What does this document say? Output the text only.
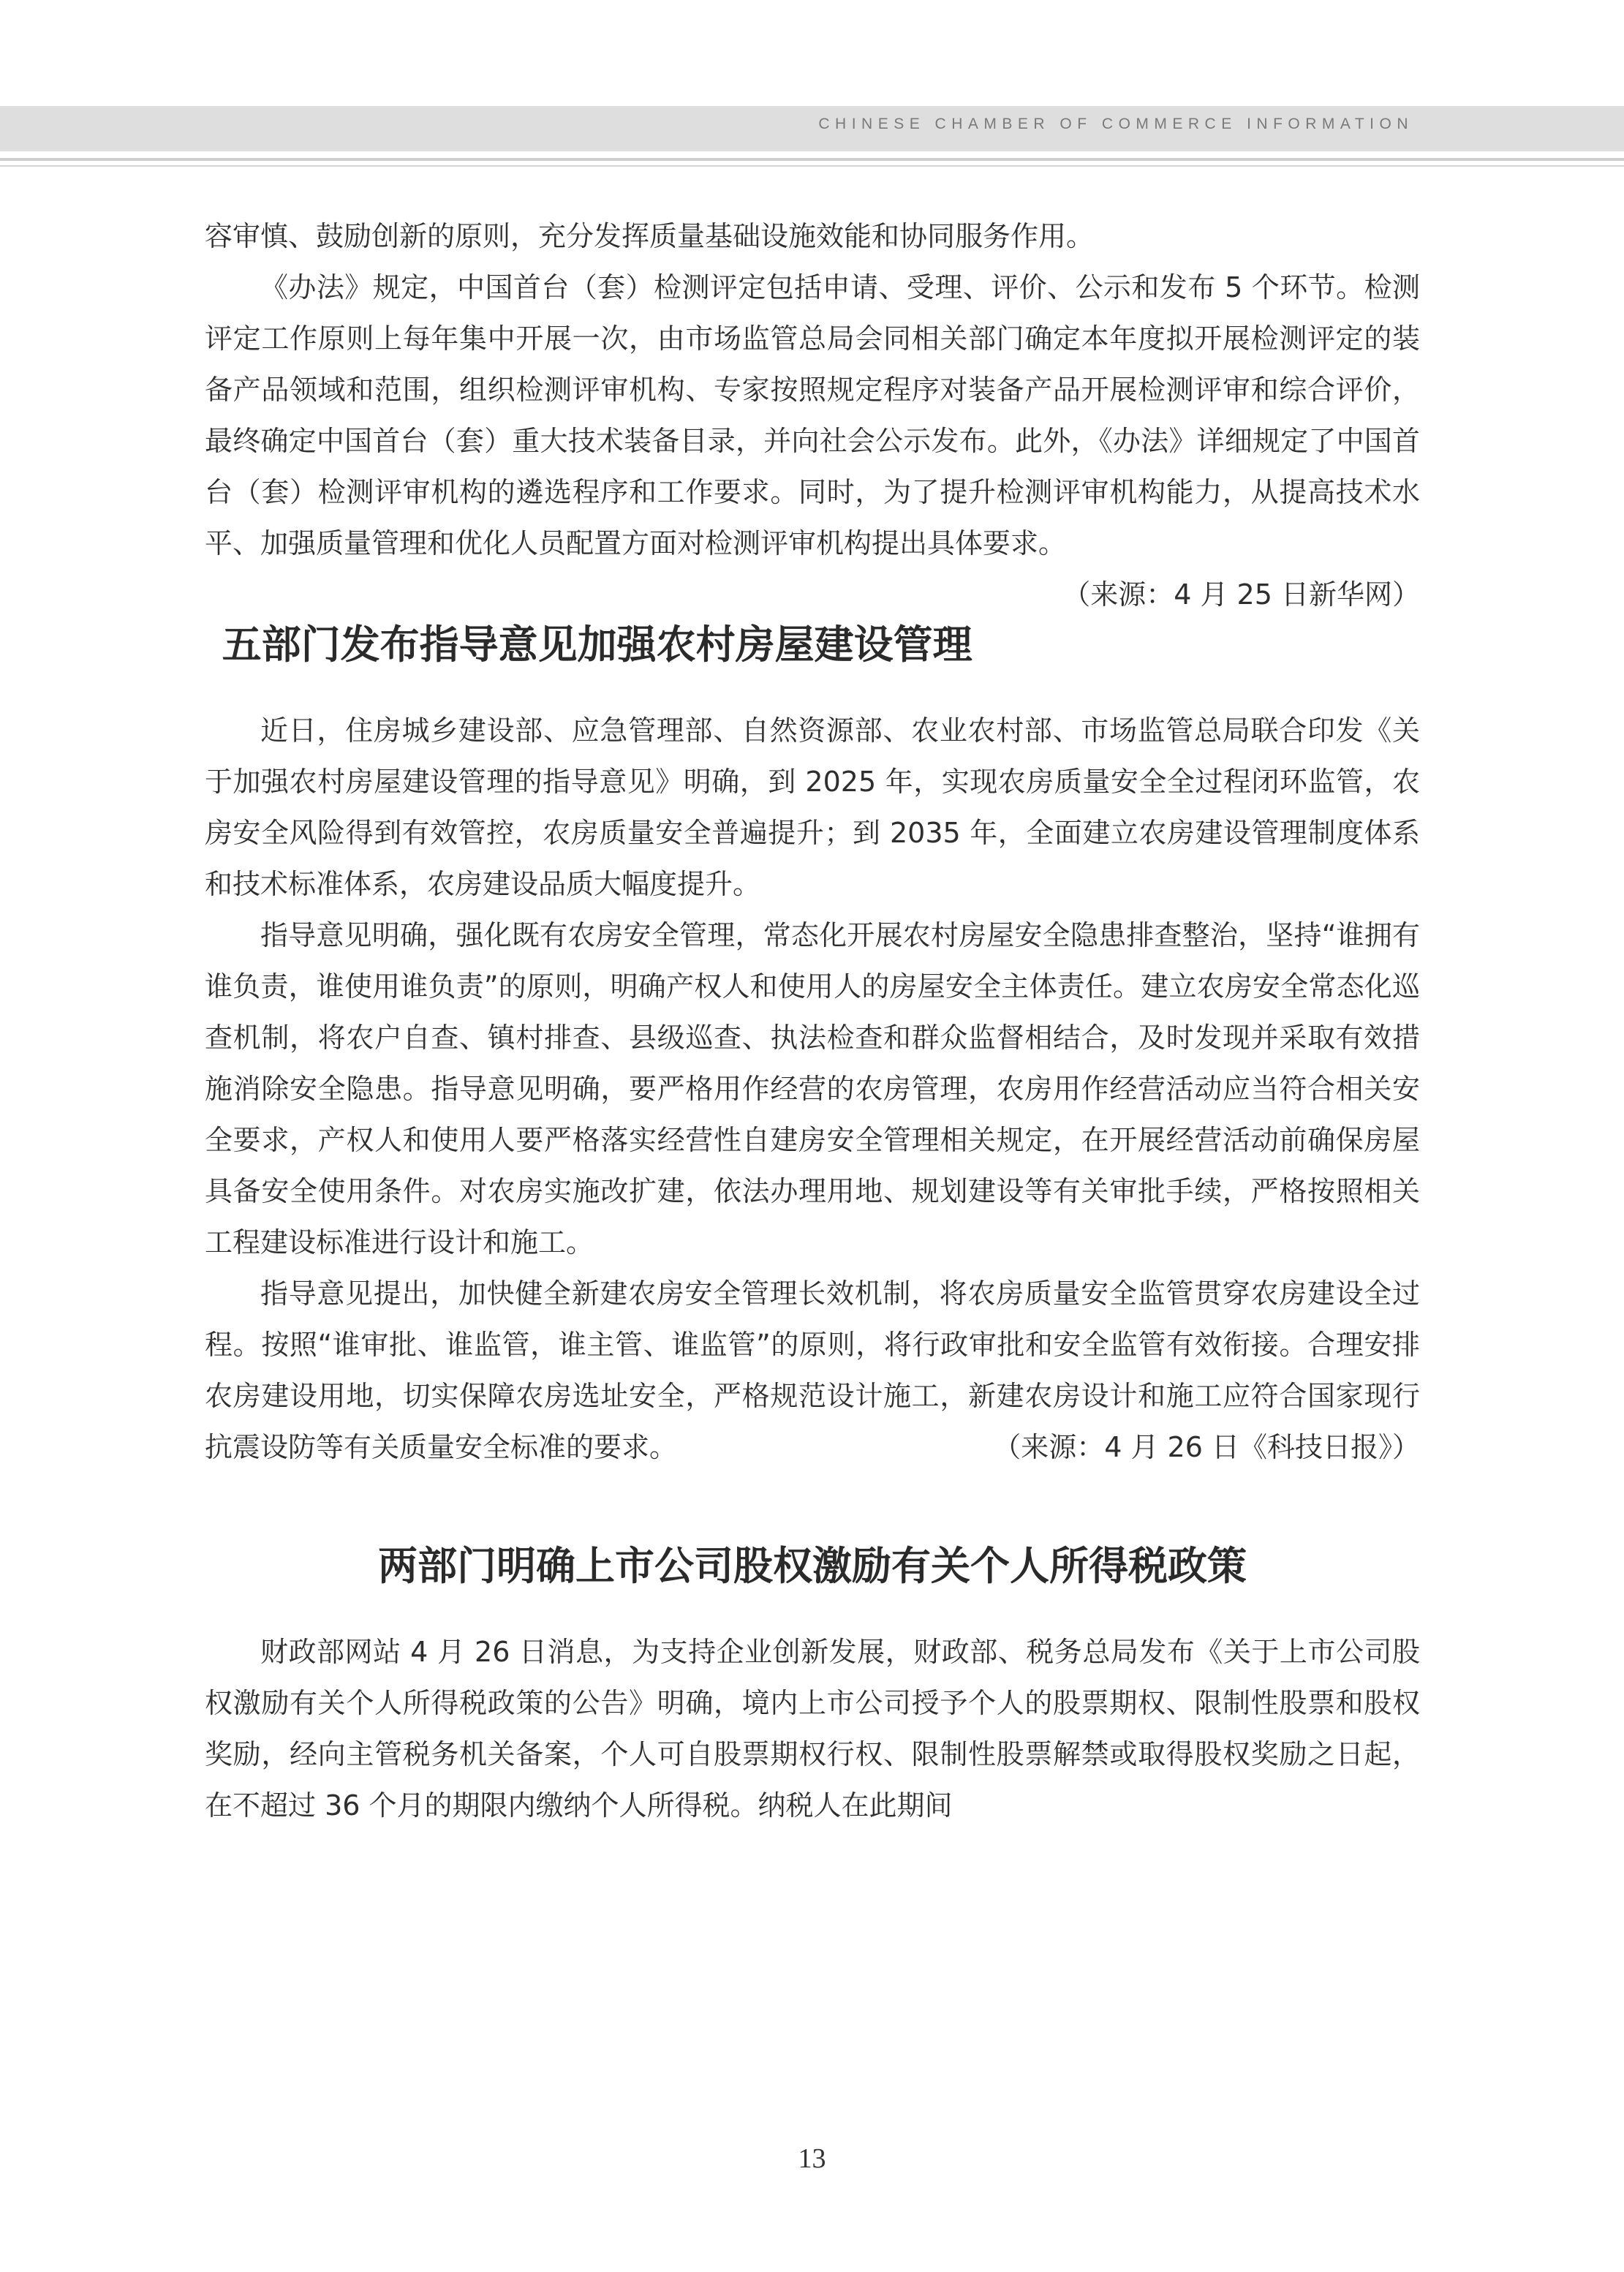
CHINESE CHAMBER OF COMMERCE INFORMATION

容审慎、鼓励创新的原则，充分发挥质量基础设施效能和协同服务作用。

《办法》规定，中国首台（套）检测评定包括申请、受理、评价、公示和发布 5 个环节。检测评定工作原则上每年集中开展一次，由市场监管总局会同相关部门确定本年度拟开展检测评定的装备产品领域和范围，组织检测评审机构、专家按照规定程序对装备产品开展检测评审和综合评价，最终确定中国首台（套）重大技术装备目录，并向社会公示发布。此外，《办法》详细规定了中国首台（套）检测评审机构的遴选程序和工作要求。同时，为了提升检测评审机构能力，从提高技术水平、加强质量管理和优化人员配置方面对检测评审机构提出具体要求。
（来源：4 月 25 日新华网）

五部门发布指导意见加强农村房屋建设管理

近日，住房城乡建设部、应急管理部、自然资源部、农业农村部、市场监管总局联合印发《关于加强农村房屋建设管理的指导意见》明确，到 2025 年，实现农房质量安全全过程闭环监管，农房安全风险得到有效管控，农房质量安全普遍提升；到 2035 年，全面建立农房建设管理制度体系和技术标准体系，农房建设品质大幅度提升。

指导意见明确，强化既有农房安全管理，常态化开展农村房屋安全隐患排查整治，坚持“谁拥有谁负责，谁使用谁负责”的原则，明确产权人和使用人的房屋安全主体责任。建立农房安全常态化巡查机制，将农户自查、镇村排查、县级巡查、执法检查和群众监督相结合，及时发现并采取有效措施消除安全隐患。指导意见明确，要严格用作经营的农房管理，农房用作经营活动应当符合相关安全要求，产权人和使用人要严格落实经营性自建房安全管理相关规定，在开展经营活动前确保房屋具备安全使用条件。对农房实施改扩建，依法办理用地、规划建设等有关审批手续，严格按照相关工程建设标准进行设计和施工。

指导意见提出，加快健全新建农房安全管理长效机制，将农房质量安全监管贯穿农房建设全过程。按照“谁审批、谁监管，谁主管、谁监管”的原则，将行政审批和安全监管有效衔接。合理安排农房建设用地，切实保障农房选址安全，严格规范设计施工，新建农房设计和施工应符合国家现行抗震设防等有关质量安全标准的要求。	（来源：4 月 26 日《科技日报》）

两部门明确上市公司股权激励有关个人所得税政策

财政部网站 4 月 26 日消息，为支持企业创新发展，财政部、税务总局发布《关于上市公司股权激励有关个人所得税政策的公告》明确，境内上市公司授予个人的股票期权、限制性股票和股权奖励，经向主管税务机关备案，个人可自股票期权行权、限制性股票解禁或取得股权奖励之日起，在不超过 36 个月的期限内缴纳个人所得税。纳税人在此期间

13
